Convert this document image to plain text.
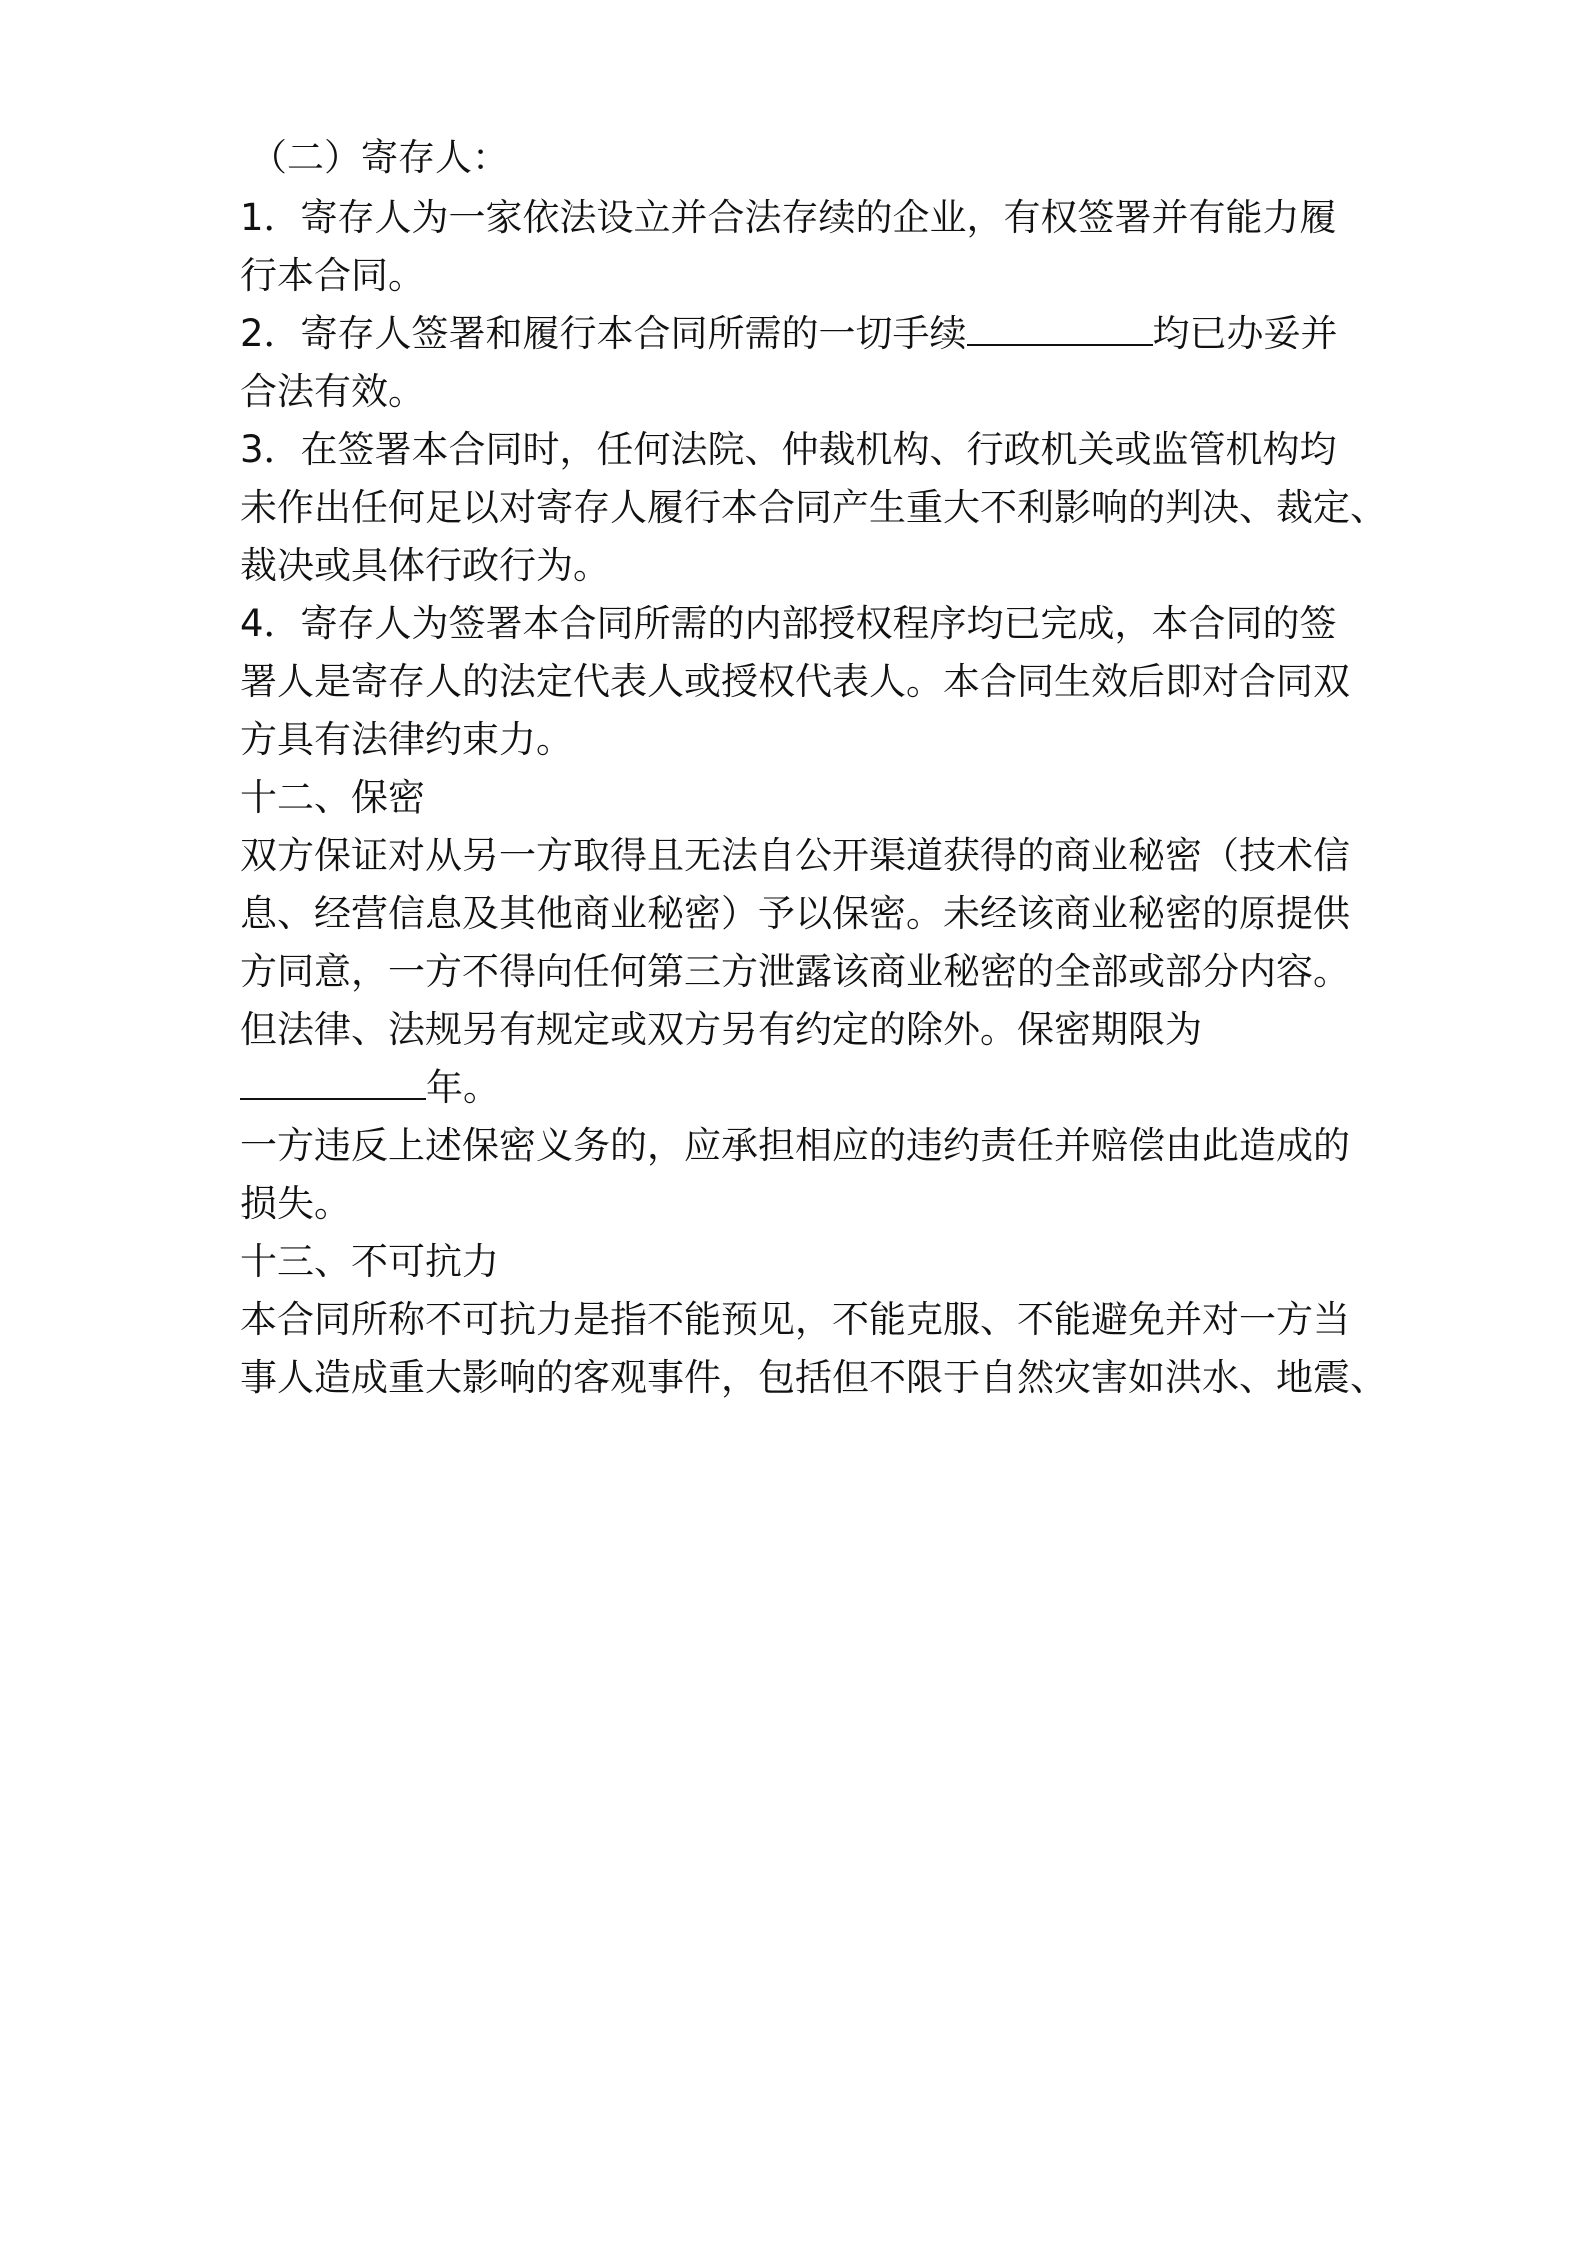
（二）寄存人：

1．寄存人为一家依法设立并合法存续的企业，有权签署并有能力履

行本合同。

2．寄存人签署和履行本合同所需的一切手续	均已办妥并

合法有效。

3．在签署本合同时，任何法院、仲裁机构、行政机关或监管机构均

未作出任何足以对寄存人履行本合同产生重大不利影响的判决、裁定、

裁决或具体行政行为。

4．寄存人为签署本合同所需的内部授权程序均已完成，本合同的签

署人是寄存人的法定代表人或授权代表人。本合同生效后即对合同双

方具有法律约束力。

十二、保密

双方保证对从另一方取得且无法自公开渠道获得的商业秘密（技术信

息、经营信息及其他商业秘密）予以保密。未经该商业秘密的原提供

方同意，一方不得向任何第三方泄露该商业秘密的全部或部分内容。

但法律、法规另有规定或双方另有约定的除外。保密期限为

年。

一方违反上述保密义务的，应承担相应的违约责任并赔偿由此造成的

损失。

十三、不可抗力

本合同所称不可抗力是指不能预见，不能克服、不能避免并对一方当

事人造成重大影响的客观事件，包括但不限于自然灾害如洪水、地震、
